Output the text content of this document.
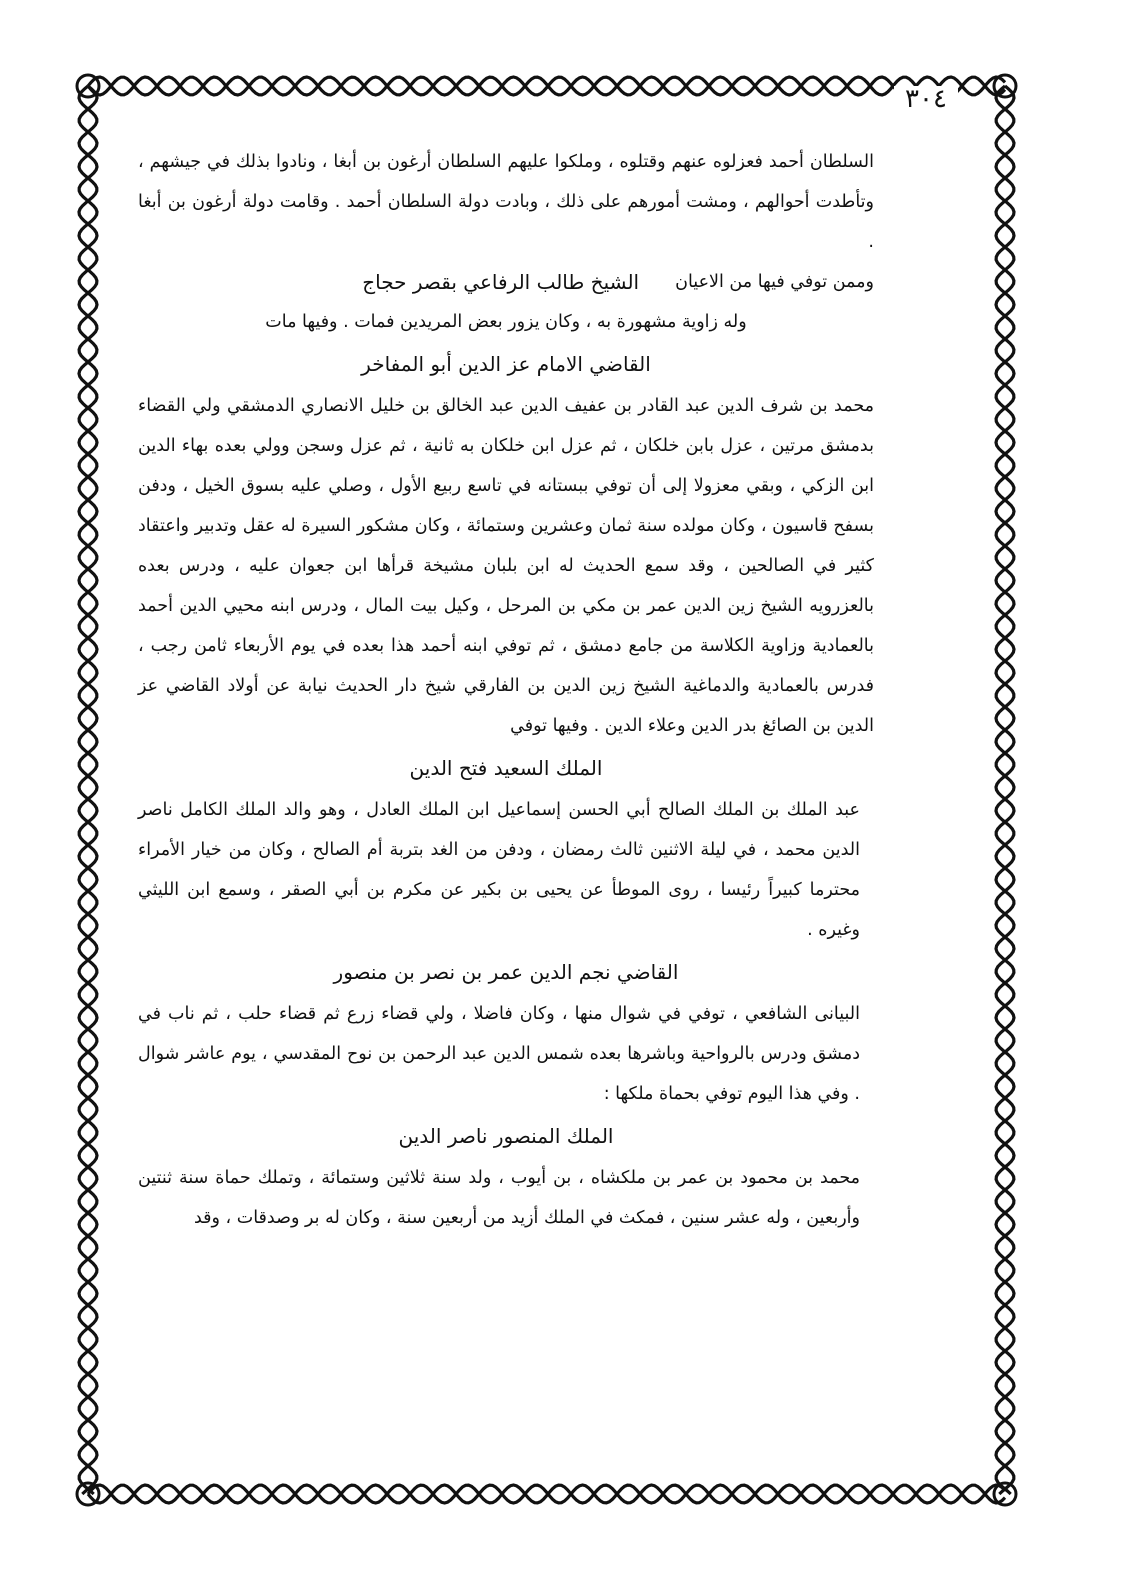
٣٠٤

السلطان أحمد فعزلوه عنهم وقتلوه ، وملكوا عليهم السلطان أرغون بن أبغا ، ونادوا بذلك في جيشهم ، وتأطدت أحوالهم ، ومشت أمورهم على ذلك ، وبادت دولة السلطان أحمد . وقامت دولة أرغون بن أبغا .

وممن توفي فيها من الاعيان
الشيخ طالب الرفاعي بقصر حجاج

وله زاوية مشهورة به ، وكان يزور بعض المريدين فمات . وفيها مات

القاضي الامام عز الدين أبو المفاخر

محمد بن شرف الدين عبد القادر بن عفيف الدين عبد الخالق بن خليل الانصاري الدمشقي ولي القضاء بدمشق مرتين ، عزل بابن خلكان ، ثم عزل ابن خلكان به ثانية ، ثم عزل وسجن وولي بعده بهاء الدين ابن الزكي ، وبقي معزولا إلى أن توفي ببستانه في تاسع ربيع الأول ، وصلي عليه بسوق الخيل ، ودفن بسفح قاسيون ، وكان مولده سنة ثمان وعشرين وستمائة ، وكان مشكور السيرة له عقل وتدبير واعتقاد كثير في الصالحين ، وقد سمع الحديث له ابن بلبان مشيخة قرأها ابن جعوان عليه ، ودرس بعده بالعزرويه الشيخ زين الدين عمر بن مكي بن المرحل ، وكيل بيت المال ، ودرس ابنه محيي الدين أحمد بالعمادية وزاوية الكلاسة من جامع دمشق ، ثم توفي ابنه أحمد هذا بعده في يوم الأربعاء ثامن رجب ، فدرس بالعمادية والدماغية الشيخ زين الدين بن الفارقي شيخ دار الحديث نيابة عن أولاد القاضي عز الدين بن الصائغ بدر الدين وعلاء الدين . وفيها توفي

الملك السعيد فتح الدين

عبد الملك بن الملك الصالح أبي الحسن إسماعيل ابن الملك العادل ، وهو والد الملك الكامل ناصر الدين محمد ، في ليلة الاثنين ثالث رمضان ، ودفن من الغد بتربة أم الصالح ، وكان من خيار الأمراء محترما كبيراً رئيسا ، روى الموطأ عن يحيى بن بكير عن مكرم بن أبي الصقر ، وسمع ابن الليثي وغيره .

القاضي نجم الدين عمر بن نصر بن منصور

البيانى الشافعي ، توفي في شوال منها ، وكان فاضلا ، ولي قضاء زرع ثم قضاء حلب ، ثم ناب في دمشق ودرس بالرواحية وباشرها بعده شمس الدين عبد الرحمن بن نوح المقدسي ، يوم عاشر شوال . وفي هذا اليوم توفي بحماة ملكها :

الملك المنصور ناصر الدين

محمد بن محمود بن عمر بن ملكشاه ، بن أيوب ، ولد سنة ثلاثين وستمائة ، وتملك حماة سنة ثنتين وأربعين ، وله عشر سنين ، فمكث في الملك أزيد من أربعين سنة ، وكان له بر وصدقات ، وقد
